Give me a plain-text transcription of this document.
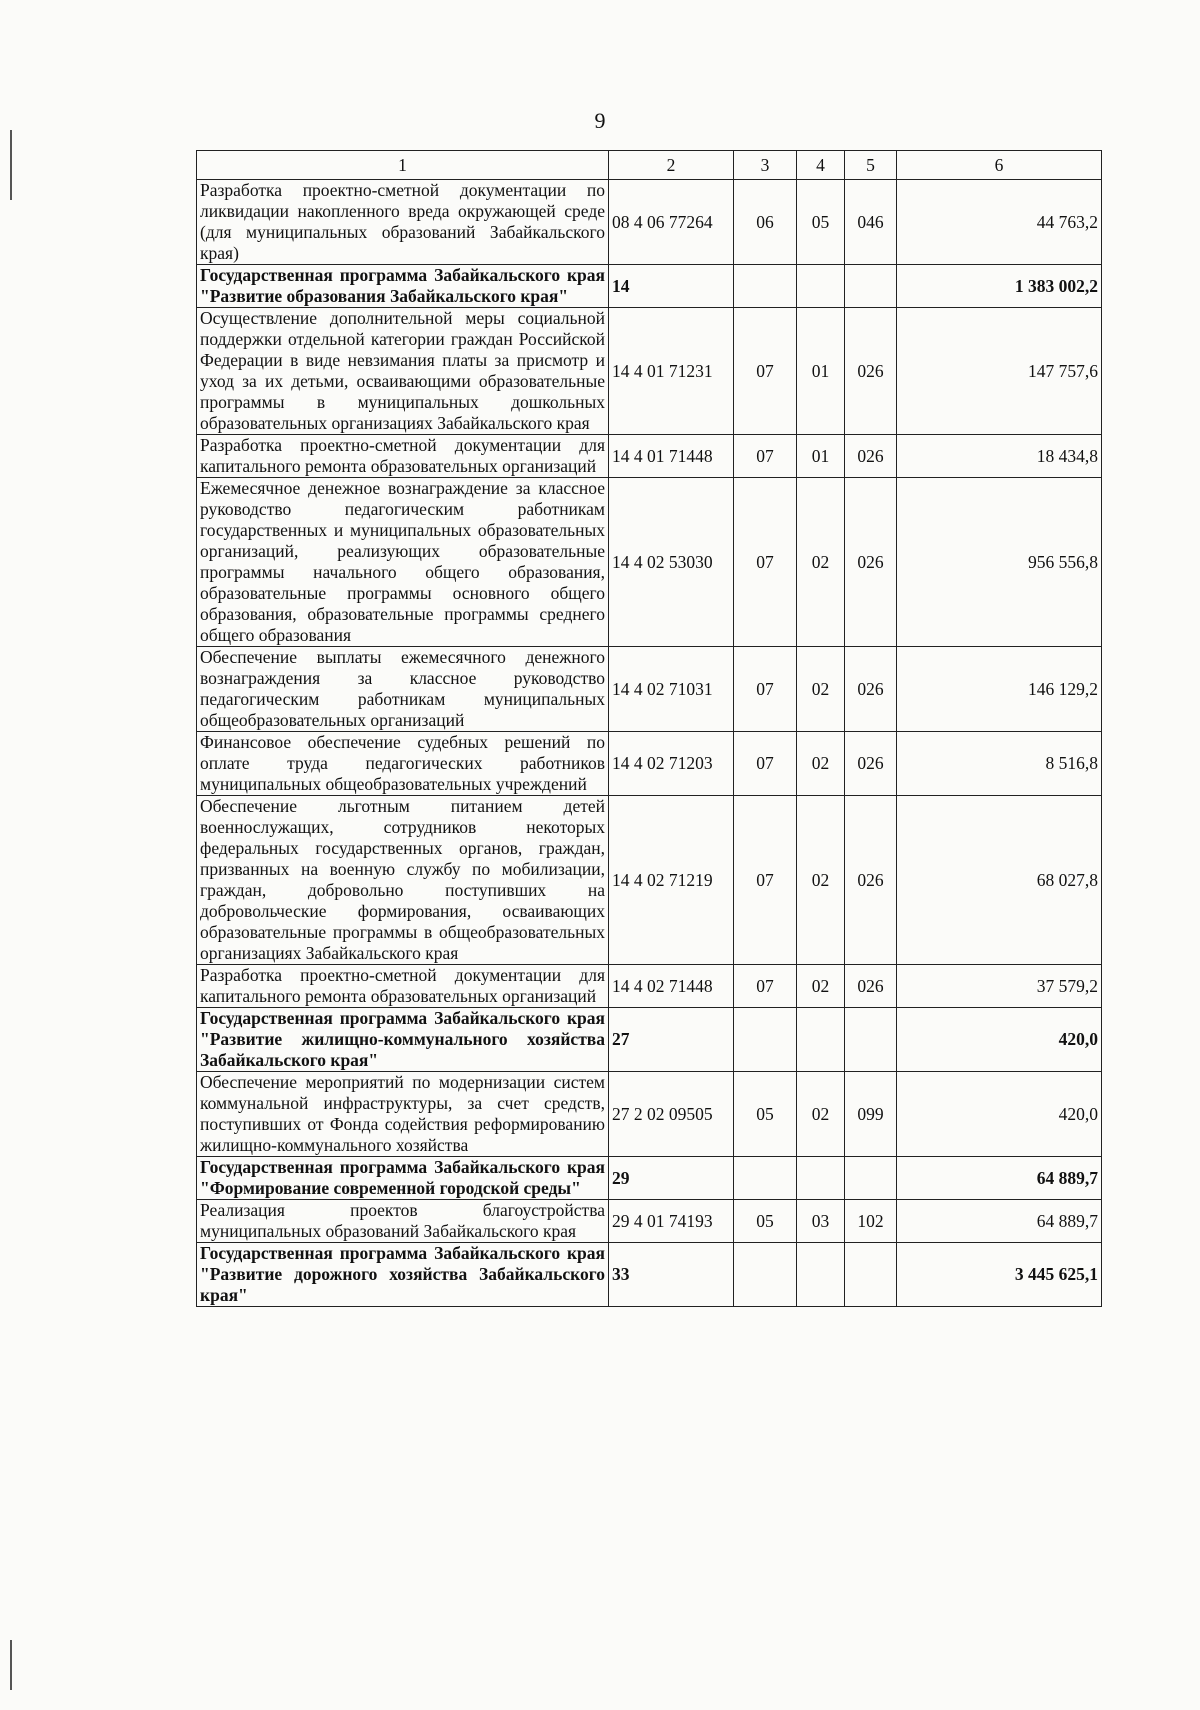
9
1	2	3	4	5	6
Разработка проектно-сметной документации по ликвидации накопленного вреда окружающей среде (для муниципальных образований Забайкальского края)	08 4 06 77264	06	05	046	44 763,2
Государственная программа Забайкальского края "Развитие образования Забайкальского края"	14				1 383 002,2
Осуществление дополнительной меры социальной поддержки отдельной категории граждан Российской Федерации в виде невзимания платы за присмотр и уход за их детьми, осваивающими образовательные программы в муниципальных дошкольных образовательных организациях Забайкальского края	14 4 01 71231	07	01	026	147 757,6
Разработка проектно-сметной документации для капитального ремонта образовательных организаций	14 4 01 71448	07	01	026	18 434,8
Ежемесячное денежное вознаграждение за классное руководство педагогическим работникам государственных и муниципальных образовательных организаций, реализующих образовательные программы начального общего образования, образовательные программы основного общего образования, образовательные программы среднего общего образования	14 4 02 53030	07	02	026	956 556,8
Обеспечение выплаты ежемесячного денежного вознаграждения за классное руководство педагогическим работникам муниципальных общеобразовательных организаций	14 4 02 71031	07	02	026	146 129,2
Финансовое обеспечение судебных решений по оплате труда педагогических работников муниципальных общеобразовательных учреждений	14 4 02 71203	07	02	026	8 516,8
Обеспечение льготным питанием детей военнослужащих, сотрудников некоторых федеральных государственных органов, граждан, призванных на военную службу по мобилизации, граждан, добровольно поступивших на добровольческие формирования, осваивающих образовательные программы в общеобразовательных организациях Забайкальского края	14 4 02 71219	07	02	026	68 027,8
Разработка проектно-сметной документации для капитального ремонта образовательных организаций	14 4 02 71448	07	02	026	37 579,2
Государственная программа Забайкальского края "Развитие жилищно-коммунального хозяйства Забайкальского края"	27				420,0
Обеспечение мероприятий по модернизации систем коммунальной инфраструктуры, за счет средств, поступивших от Фонда содействия реформированию жилищно-коммунального хозяйства	27 2 02 09505	05	02	099	420,0
Государственная программа Забайкальского края "Формирование современной городской среды"	29				64 889,7
Реализация проектов благоустройства муниципальных образований Забайкальского края	29 4 01 74193	05	03	102	64 889,7
Государственная программа Забайкальского края "Развитие дорожного хозяйства Забайкальского края"	33				3 445 625,1
